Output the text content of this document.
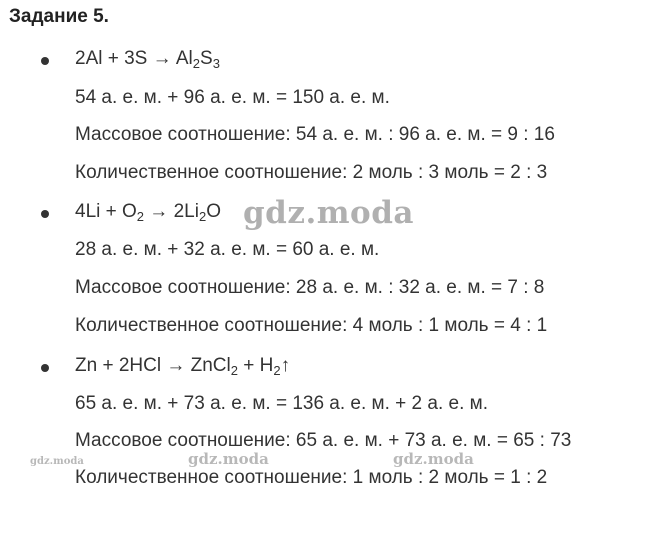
Задание 5.
$2Al + 3S \to Al_2S_3$
54 а. е. м. + 96 а. е. м. = 150 а. е. м.
Массовое соотношение: 54 а. е. м. : 96 а. е. м. = 9 : 16
Количественное соотношение: 2 моль : 3 моль = 2 : 3
$4Li + O_2 \to 2Li_2O$
28 а. е. м. + 32 а. е. м. = 60 а. е. м.
Массовое соотношение: 28 а. е. м. : 32 а. е. м. = 7 : 8
Количественное соотношение: 4 моль : 1 моль = 4 : 1
Zn + 2HCl → ZnCl$_2$ + $H_2↑$
65 а. е. м. + 73 а. е. м. = 136 а. е. м. + 2 а. е. м.
Массовое соотношение: 65 а. е. м. + 73 а. е. м. = 65 : 73
Количественное соотношение: 1 моль : 2 моль = 1 : 2
gdz.moda
gdz.moda	gdz.moda	gdz.moda
